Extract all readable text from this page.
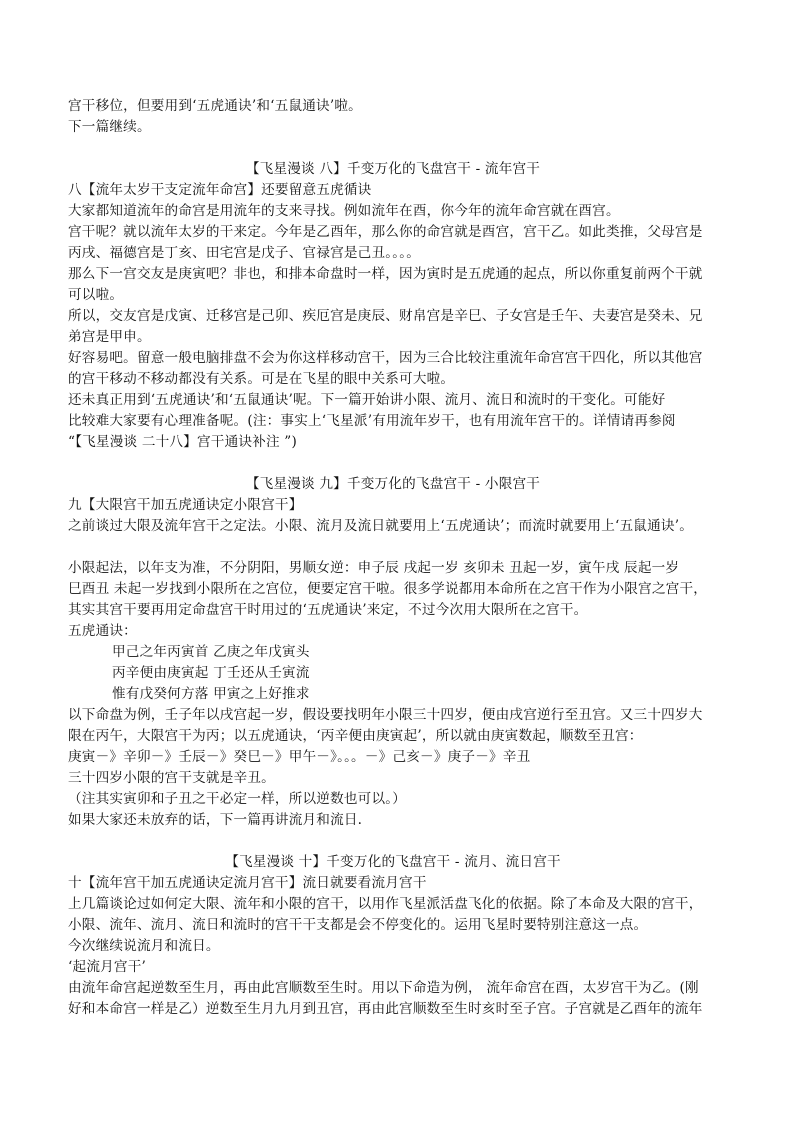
宫干移位，但要用到‘五虎通诀’和‘五鼠通诀’啦。
下一篇继续。
【飞星漫谈 八】千变万化的飞盘宫干 - 流年宫干
八【流年太岁干支定流年命宫】还要留意五虎循诀
大家都知道流年的命宫是用流年的支来寻找。例如流年在酉，你今年的流年命宫就在酉宫。
宫干呢？就以流年太岁的干来定。今年是乙酉年，那么你的命宫就是酉宫，宫干乙。如此类推，父母宫是
丙戌、福德宫是丁亥、田宅宫是戊子、官禄宫是己丑。。。。
那么下一宫交友是庚寅吧？非也，和排本命盘时一样，因为寅时是五虎通的起点，所以你重复前两个干就
可以啦。
所以，交友宫是戊寅、迁移宫是己卯、疾厄宫是庚辰、财帛宫是辛巳、子女宫是壬午、夫妻宫是癸未、兄
弟宫是甲申。
好容易吧。留意一般电脑排盘不会为你这样移动宫干，因为三合比较注重流年命宫宫干四化，所以其他宫
的宫干移动不移动都没有关系。可是在飞星的眼中关系可大啦。
还未真正用到‘五虎通诀’和‘五鼠通诀’呢。下一篇开始讲小限、流月、流日和流时的干变化。可能好
比较难大家要有心理准备呢。(注：事实上‘飞星派’有用流年岁干，也有用流年宫干的。详情请再参阅
“【飞星漫谈 二十八】宫干通诀补注 ”)
【飞星漫谈 九】千变万化的飞盘宫干 - 小限宫干
九【大限宫干加五虎通诀定小限宫干】
之前谈过大限及流年宫干之定法。小限、流月及流日就要用上‘五虎通诀’；而流时就要用上‘五鼠通诀’。
小限起法，以年支为准，不分阴阳，男顺女逆：申子辰 戌起一岁 亥卯未 丑起一岁，寅午戌 辰起一岁
巳酉丑 未起一岁找到小限所在之宫位，便要定宫干啦。很多学说都用本命所在之宫干作为小限宫之宫干，
其实其宫干要再用定命盘宫干时用过的‘五虎通诀’来定，不过今次用大限所在之宫干。
五虎通诀：
甲己之年丙寅首 乙庚之年戊寅头
丙辛便由庚寅起 丁壬还从壬寅流
惟有戊癸何方落 甲寅之上好推求
以下命盘为例，壬子年以戌宫起一岁，假设要找明年小限三十四岁，便由戌宫逆行至丑宫。又三十四岁大
限在丙午，大限宫干为丙；以五虎通诀，‘丙辛便由庚寅起’，所以就由庚寅数起，顺数至丑宫：
庚寅－》辛卯－》壬辰－》癸巳－》甲午－》。。。－》己亥－》庚子－》辛丑
三十四岁小限的宫干支就是辛丑。
（注其实寅卯和子丑之干必定一样，所以逆数也可以。）
如果大家还未放弃的话，下一篇再讲流月和流日.
【飞星漫谈 十】千变万化的飞盘宫干 - 流月、流日宫干
十【流年宫干加五虎通诀定流月宫干】流日就要看流月宫干
上几篇谈论过如何定大限、流年和小限的宫干，以用作飞星派活盘飞化的依据。除了本命及大限的宫干，
小限、流年、流月、流日和流时的宫干干支都是会不停变化的。运用飞星时要特别注意这一点。
今次继续说流月和流日。
‘起流月宫干’
由流年命宫起逆数至生月，再由此宫顺数至生时。用以下命造为例， 流年命宫在酉，太岁宫干为乙。(刚
好和本命宫一样是乙）逆数至生月九月到丑宫，再由此宫顺数至生时亥时至子宫。子宫就是乙酉年的流年
